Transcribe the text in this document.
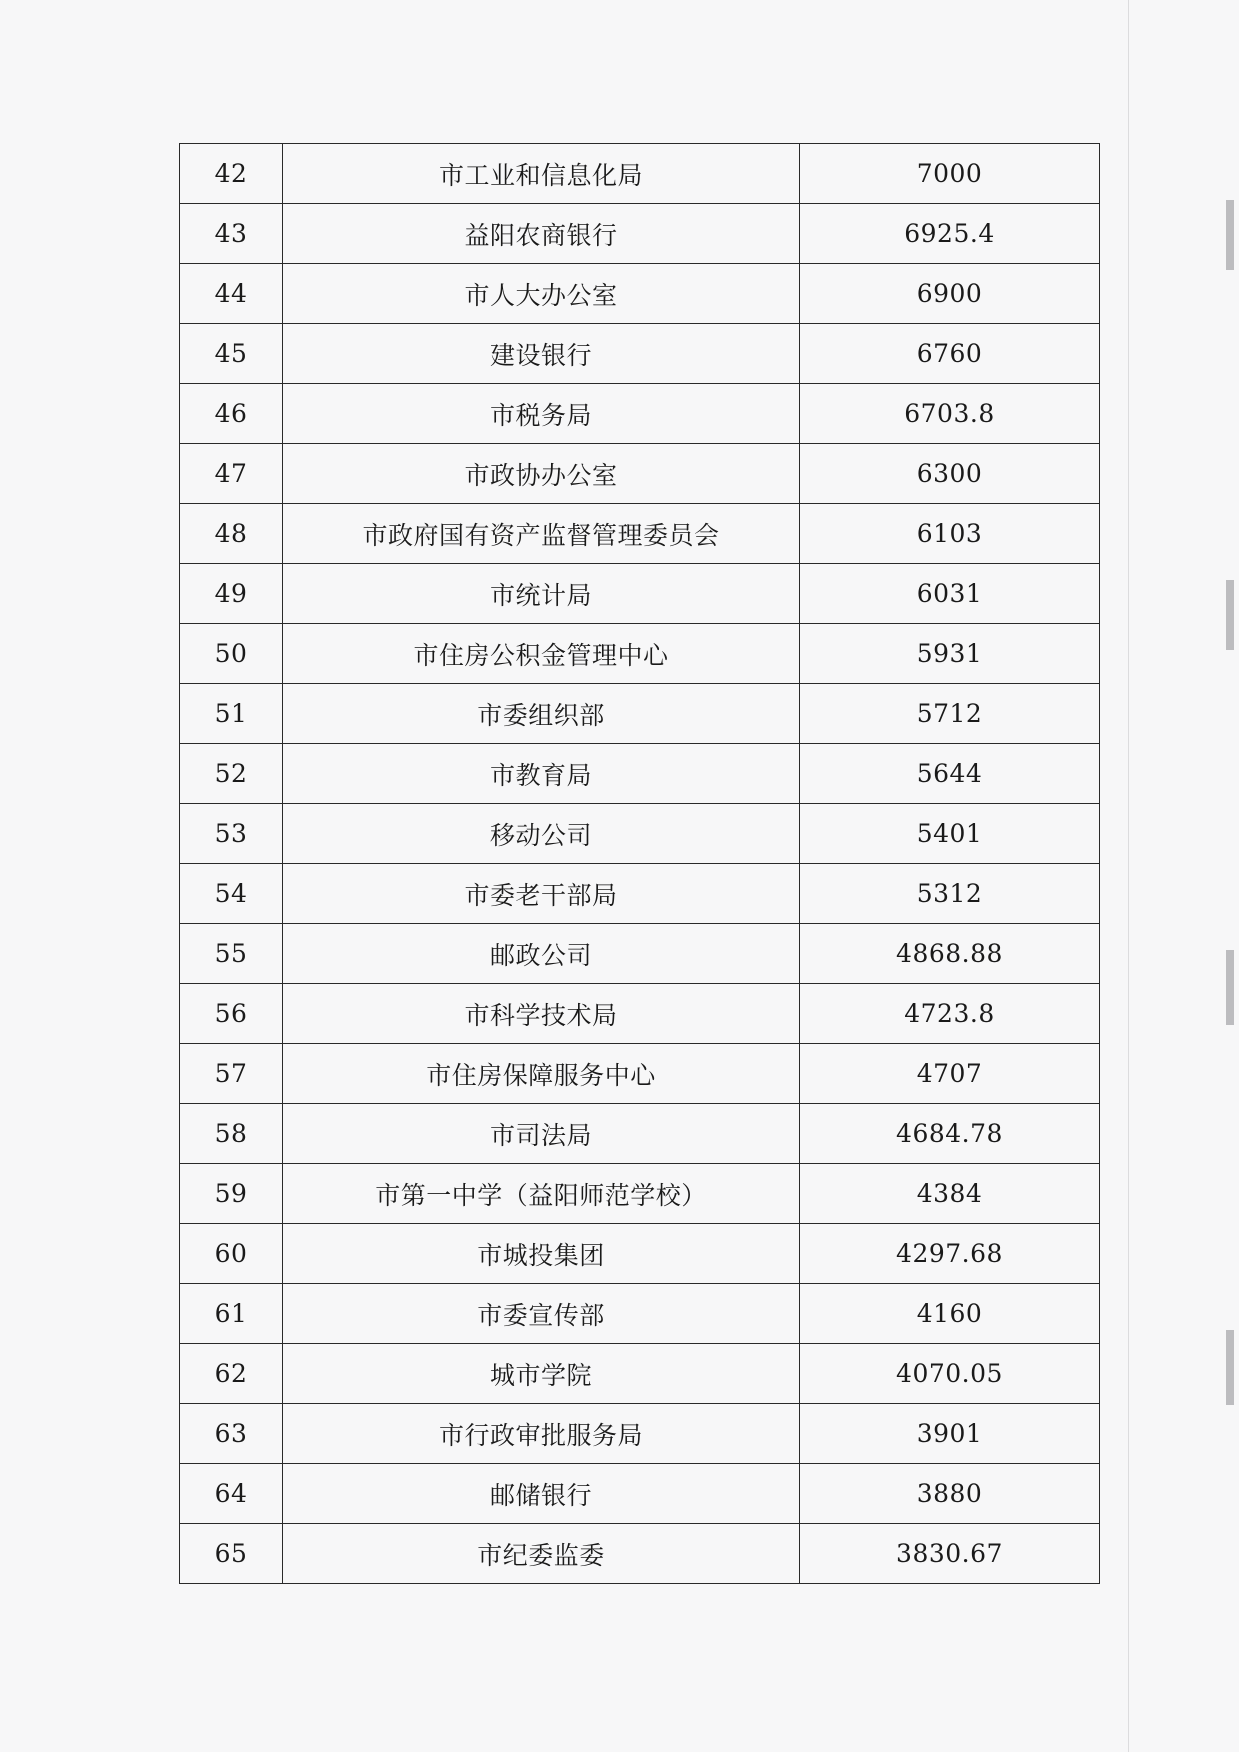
42	市工业和信息化局	7000
43	益阳农商银行	6925.4
44	市人大办公室	6900
45	建设银行	6760
46	市税务局	6703.8
47	市政协办公室	6300
48	市政府国有资产监督管理委员会	6103
49	市统计局	6031
50	市住房公积金管理中心	5931
51	市委组织部	5712
52	市教育局	5644
53	移动公司	5401
54	市委老干部局	5312
55	邮政公司	4868.88
56	市科学技术局	4723.8
57	市住房保障服务中心	4707
58	市司法局	4684.78
59	市第一中学（益阳师范学校）	4384
60	市城投集团	4297.68
61	市委宣传部	4160
62	城市学院	4070.05
63	市行政审批服务局	3901
64	邮储银行	3880
65	市纪委监委	3830.67
